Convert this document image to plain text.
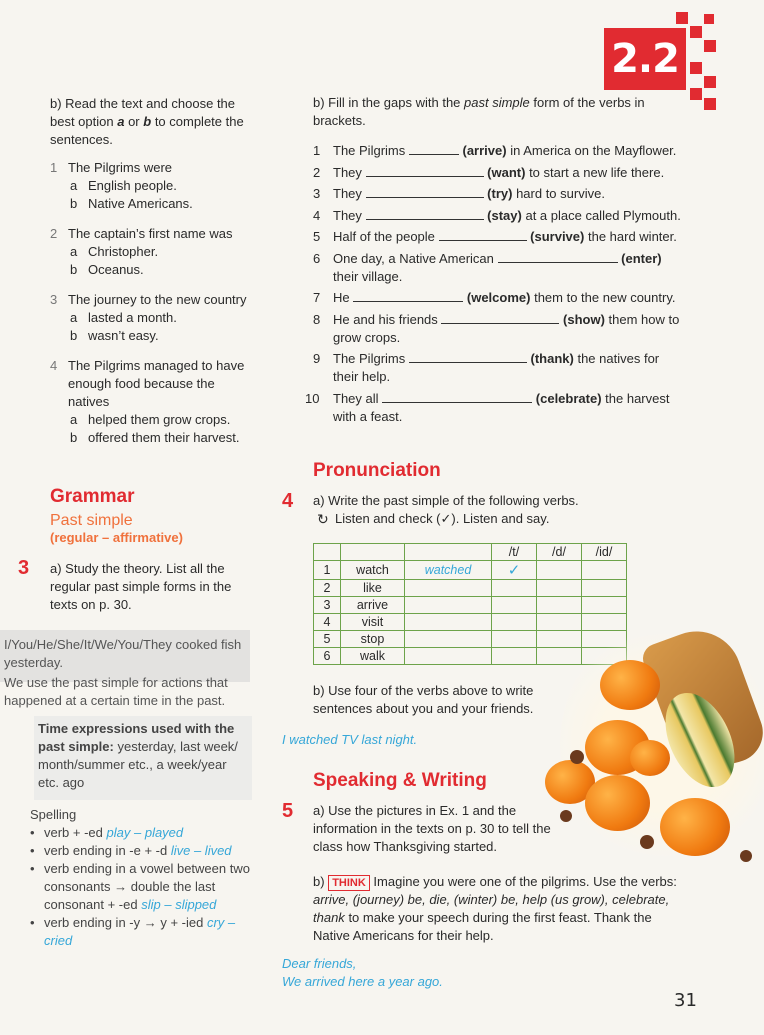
2.2
b) Read the text and choose the best option a or b to complete the sentences.
1 The Pilgrims were
a English people.
b Native Americans.
2 The captain’s first name was
a Christopher.
b Oceanus.
3 The journey to the new country
a lasted a month.
b wasn’t easy.
4 The Pilgrims managed to have enough food because the natives
a helped them grow crops.
b offered them their harvest.
Grammar
Past simple
(regular – affirmative)
3 a) Study the theory. List all the regular past simple forms in the texts on p. 30.
I/You/He/She/It/We/You/They cooked fish yesterday.
We use the past simple for actions that happened at a certain time in the past.
Time expressions used with the past simple: yesterday, last week/ month/summer etc., a week/year etc. ago
Spelling
• verb + -ed play – played
• verb ending in -e + -d live – lived
• verb ending in a vowel between two consonants → double the last consonant + -ed slip – slipped
• verb ending in -y → y + -ied cry – cried
b) Fill in the gaps with the past simple form of the verbs in brackets.
1 The Pilgrims	(arrive) in America on the Mayflower.
2 They	(want) to start a new life there.
3 They	(try) hard to survive.
4 They	(stay) at a place called Plymouth.
5 Half of the people	(survive) the hard winter.
6 One day, a Native American	(enter) their village.
7 He	(welcome) them to the new country.
8 He and his friends	(show) them how to grow crops.
9 The Pilgrims	(thank) the natives for their help.
10 They all	(celebrate) the harvest with a feast.
Pronunciation
4 a) Write the past simple of the following verbs.
↻ Listen and check (✓). Listen and say.
			/t/	/d/	/id/
1	watch	watched	✓		
2	like				
3	arrive				
4	visit				
5	stop				
6	walk				
b) Use four of the verbs above to write sentences about you and your friends.
I watched TV last night.
Speaking & Writing
5 a) Use the pictures in Ex. 1 and the information in the texts on p. 30 to tell the class how Thanksgiving started.
b) THINK Imagine you were one of the pilgrims. Use the verbs: arrive, (journey) be, die, (winter) be, help (us grow), celebrate, thank to make your speech during the first feast. Thank the Native Americans for their help.
Dear friends,
We arrived here a year ago.
31
